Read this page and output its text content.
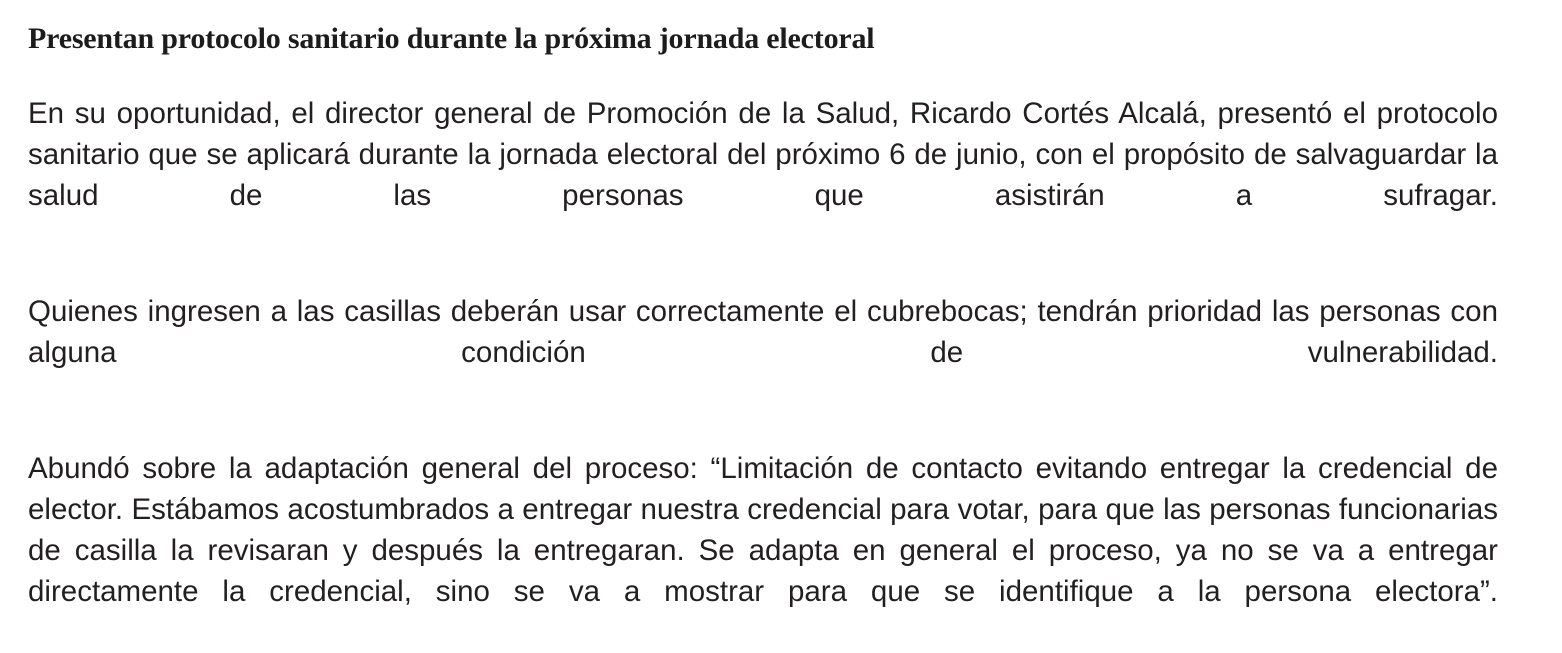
Presentan protocolo sanitario durante la próxima jornada electoral

En su oportunidad, el director general de Promoción de la Salud, Ricardo Cortés Alcalá, presentó el protocolo sanitario que se aplicará durante la jornada electoral del próximo 6 de junio, con el propósito de salvaguardar la salud de las personas que asistirán a sufragar.

Quienes ingresen a las casillas deberán usar correctamente el cubrebocas; tendrán prioridad las personas con alguna condición de vulnerabilidad.

Abundó sobre la adaptación general del proceso: “Limitación de contacto evitando entregar la credencial de elector. Estábamos acostumbrados a entregar nuestra credencial para votar, para que las personas funcionarias de casilla la revisaran y después la entregaran. Se adapta en general el proceso, ya no se va a entregar directamente la credencial, sino se va a mostrar para que se identifique a la persona electora”.
